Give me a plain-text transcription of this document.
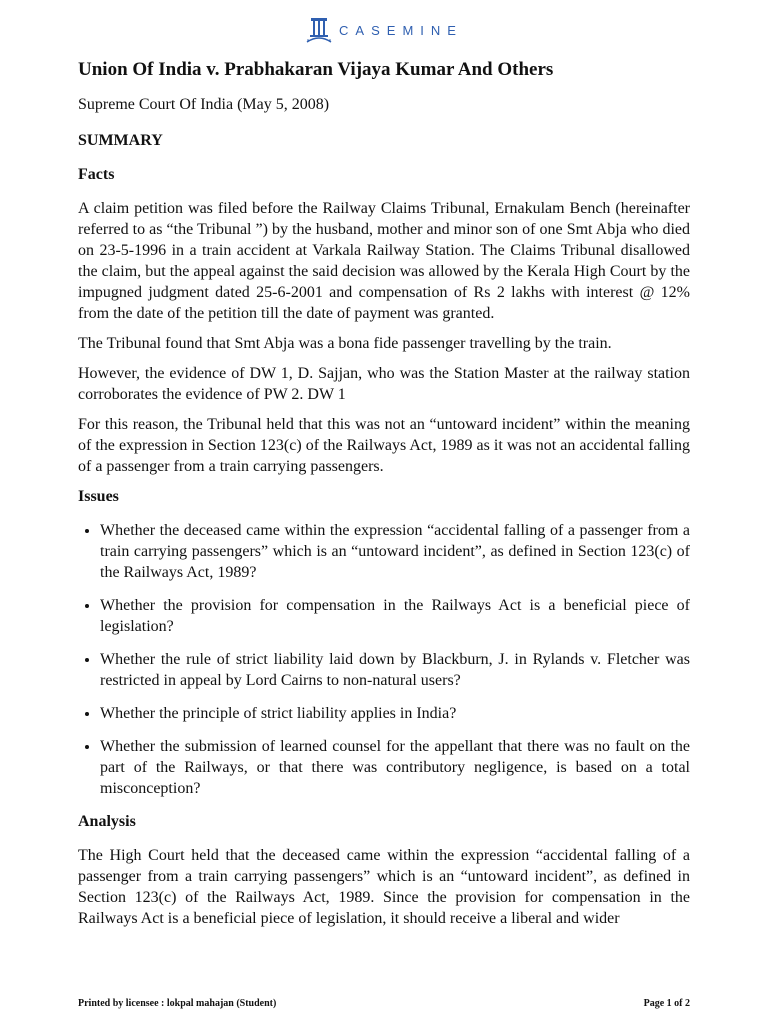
CASEMINE
Union Of India v. Prabhakaran Vijaya Kumar And Others
Supreme Court Of India (May 5, 2008)
SUMMARY
Facts

A claim petition was filed before the Railway Claims Tribunal, Ernakulam Bench (hereinafter referred to as “the Tribunal ”) by the husband, mother and minor son of one Smt Abja who died on 23-5-1996 in a train accident at Varkala Railway Station. The Claims Tribunal disallowed the claim, but the appeal against the said decision was allowed by the Kerala High Court by the impugned judgment dated 25-6-2001 and compensation of Rs 2 lakhs with interest @ 12% from the date of the petition till the date of payment was granted.

The Tribunal found that Smt Abja was a bona fide passenger travelling by the train.

However, the evidence of DW 1, D. Sajjan, who was the Station Master at the railway station corroborates the evidence of PW 2. DW 1

For this reason, the Tribunal held that this was not an “untoward incident” within the meaning of the expression in Section 123(c) of the Railways Act, 1989 as it was not an accidental falling of a passenger from a train carrying passengers.

Issues
• Whether the deceased came within the expression “accidental falling of a passenger from a train carrying passengers” which is an “untoward incident”, as defined in Section 123(c) of the Railways Act, 1989?
• Whether the provision for compensation in the Railways Act is a beneficial piece of legislation?
• Whether the rule of strict liability laid down by Blackburn, J. in Rylands v. Fletcher was restricted in appeal by Lord Cairns to non-natural users?
• Whether the principle of strict liability applies in India?
• Whether the submission of learned counsel for the appellant that there was no fault on the part of the Railways, or that there was contributory negligence, is based on a total misconception?
Analysis

The High Court held that the deceased came within the expression “accidental falling of a passenger from a train carrying passengers” which is an “untoward incident”, as defined in Section 123(c) of the Railways Act, 1989. Since the provision for compensation in the Railways Act is a beneficial piece of legislation, it should receive a liberal and wider

Printed by licensee : lokpal mahajan (Student)	Page 1 of 2
